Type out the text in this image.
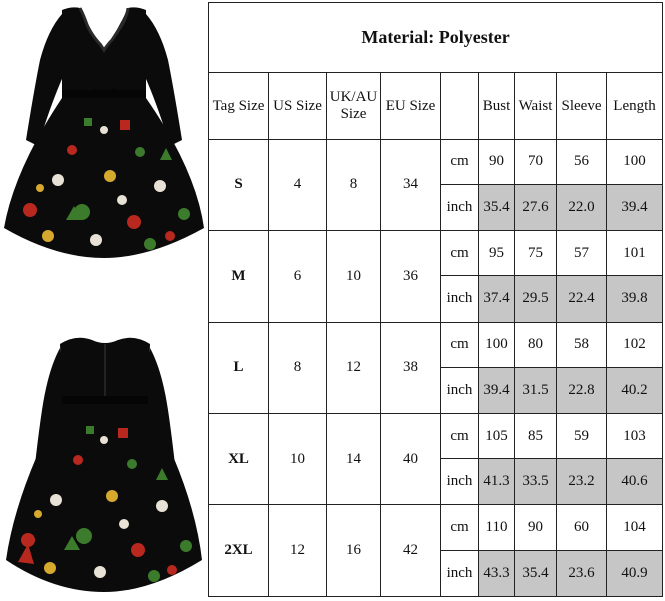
Material: Polyester								
Tag Size	US Size	UK/AU Size	EU Size		Bust	Waist	Sleeve	Length
S	4	8	34	cm	90	70	56	100
				inch	35.4	27.6	22.0	39.4
M	6	10	36	cm	95	75	57	101
				inch	37.4	29.5	22.4	39.8
L	8	12	38	cm	100	80	58	102
				inch	39.4	31.5	22.8	40.2
XL	10	14	40	cm	105	85	59	103
				inch	41.3	33.5	23.2	40.6
2XL	12	16	42	cm	110	90	60	104
				inch	43.3	35.4	23.6	40.9
